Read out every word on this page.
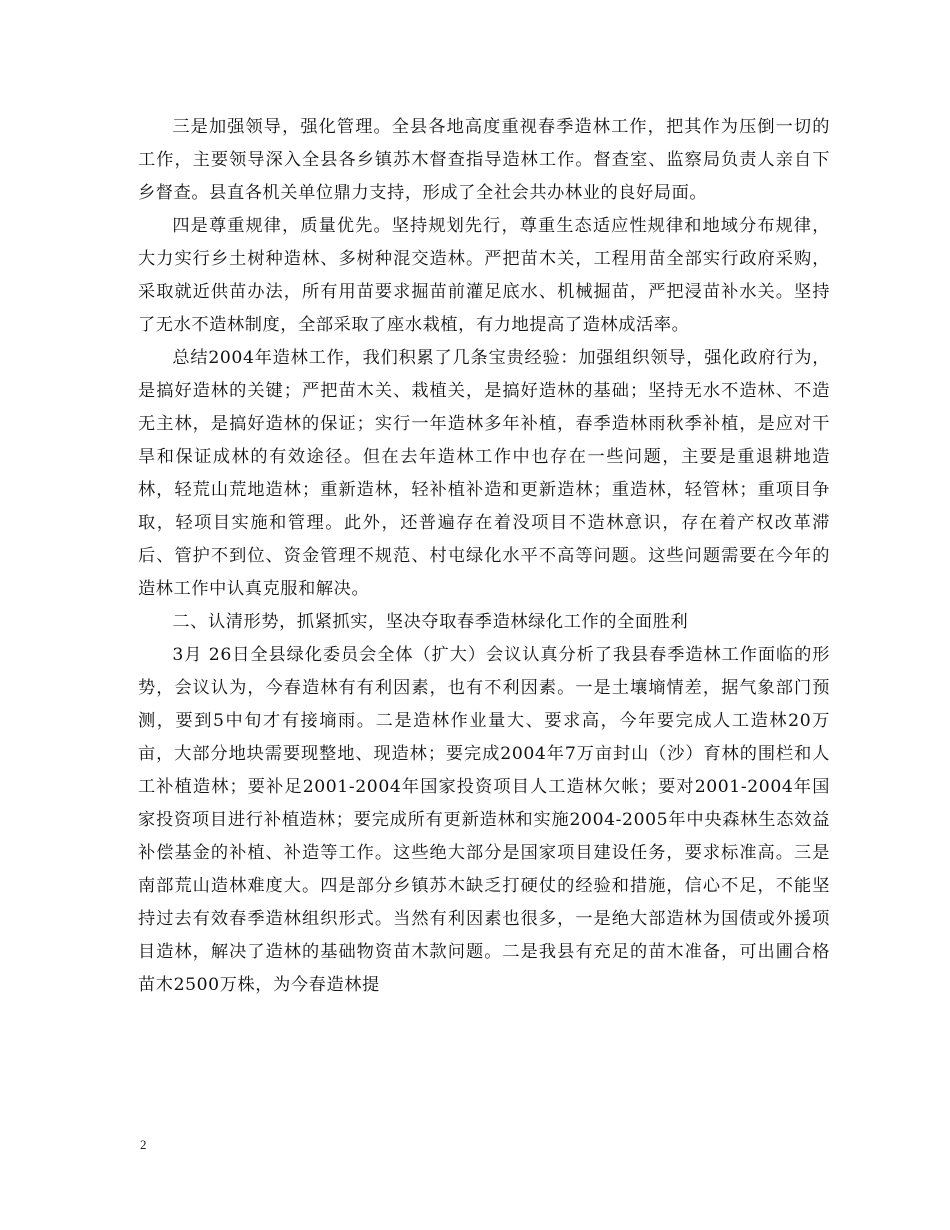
三是加强领导，强化管理。全县各地高度重视春季造林工作，把其作为压倒一切的工作，主要领导深入全县各乡镇苏木督查指导造林工作。督查室、监察局负责人亲自下乡督查。县直各机关单位鼎力支持，形成了全社会共办林业的良好局面。

四是尊重规律，质量优先。坚持规划先行，尊重生态适应性规律和地域分布规律，大力实行乡土树种造林、多树种混交造林。严把苗木关，工程用苗全部实行政府采购，采取就近供苗办法，所有用苗要求掘苗前灌足底水、机械掘苗，严把浸苗补水关。坚持了无水不造林制度，全部采取了座水栽植，有力地提高了造林成活率。

总结2004年造林工作，我们积累了几条宝贵经验：加强组织领导，强化政府行为，是搞好造林的关键；严把苗木关、栽植关，是搞好造林的基础；坚持无水不造林、不造无主林，是搞好造林的保证；实行一年造林多年补植，春季造林雨秋季补植，是应对干旱和保证成林的有效途径。但在去年造林工作中也存在一些问题，主要是重退耕地造林，轻荒山荒地造林；重新造林，轻补植补造和更新造林；重造林，轻管林；重项目争取，轻项目实施和管理。此外，还普遍存在着没项目不造林意识，存在着产权改革滞后、管护不到位、资金管理不规范、村屯绿化水平不高等问题。这些问题需要在今年的造林工作中认真克服和解决。

二、认清形势，抓紧抓实，坚决夺取春季造林绿化工作的全面胜利

3月 26日全县绿化委员会全体（扩大）会议认真分析了我县春季造林工作面临的形势，会议认为，今春造林有有利因素，也有不利因素。一是土壤墒情差，据气象部门预测，要到5中旬才有接墒雨。二是造林作业量大、要求高，今年要完成人工造林20万亩，大部分地块需要现整地、现造林；要完成2004年7万亩封山（沙）育林的围栏和人工补植造林；要补足2001-2004年国家投资项目人工造林欠帐；要对2001-2004年国家投资项目进行补植造林；要完成所有更新造林和实施2004-2005年中央森林生态效益补偿基金的补植、补造等工作。这些绝大部分是国家项目建设任务，要求标准高。三是南部荒山造林难度大。四是部分乡镇苏木缺乏打硬仗的经验和措施，信心不足，不能坚持过去有效春季造林组织形式。当然有利因素也很多，一是绝大部造林为国债或外援项目造林，解决了造林的基础物资苗木款问题。二是我县有充足的苗木准备，可出圃合格苗木2500万株，为今春造林提

2
